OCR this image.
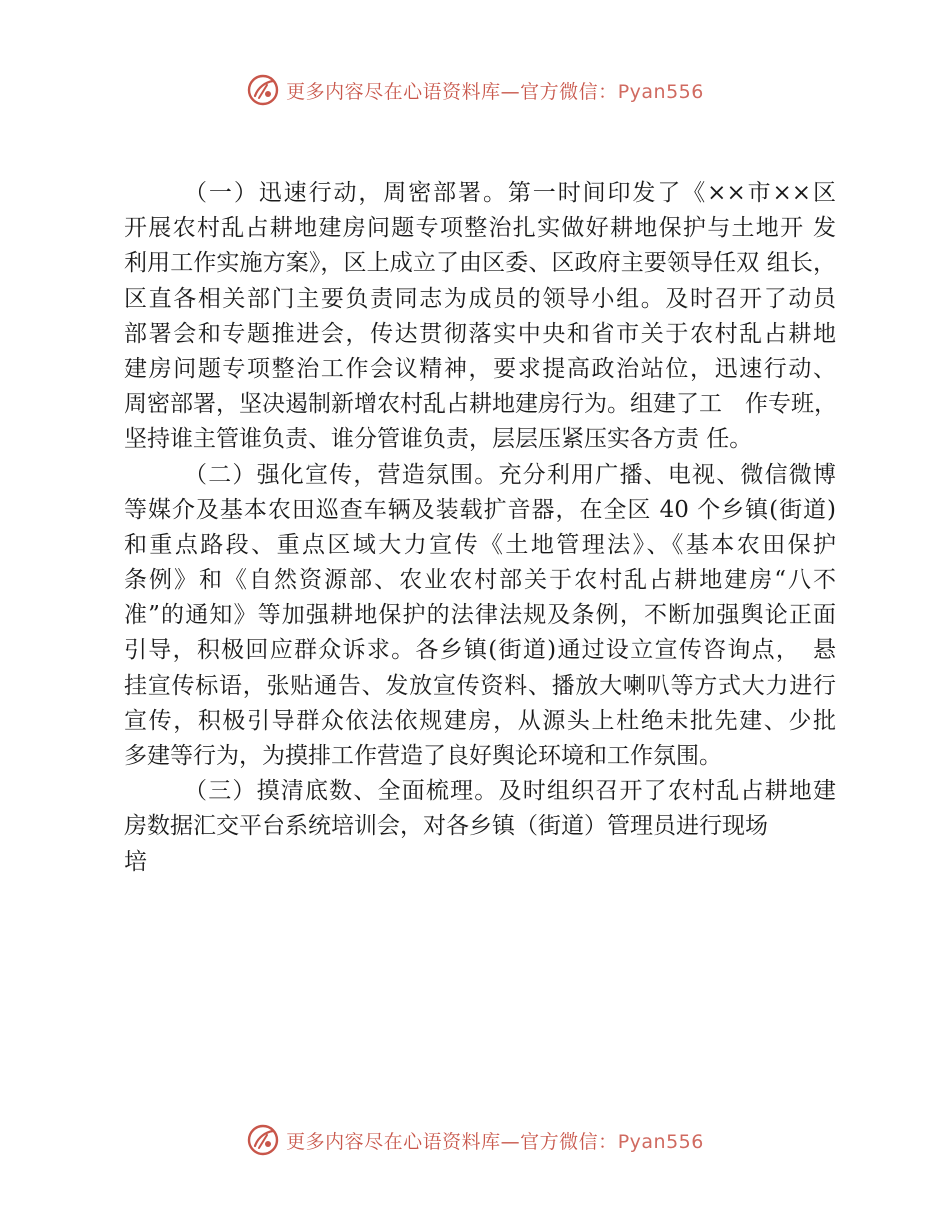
更多内容尽在心语资料库—官方微信：Pyan556
（一）迅速行动，周密部署。第一时间印发了《××市××区
开展农村乱占耕地建房问题专项整治扎实做好耕地保护与土地开 发
利用工作实施方案》，区上成立了由区委、区政府主要领导任双 组长，
区直各相关部门主要负责同志为成员的领导小组。及时召开了动员
部署会和专题推进会，传达贯彻落实中央和省市关于农村乱占耕地
建房问题专项整治工作会议精神，要求提高政治站位，迅速行动、
周密部署，坚决遏制新增农村乱占耕地建房行为。组建了工　作专班，
坚持谁主管谁负责、谁分管谁负责，层层压紧压实各方责 任。
（二）强化宣传，营造氛围。充分利用广播、电视、微信微博
等媒介及基本农田巡查车辆及装载扩音器，在全区 40 个乡镇(街道)
和重点路段、重点区域大力宣传《土地管理法》、《基本农田保护
条例》和《自然资源部、农业农村部关于农村乱占耕地建房“八不
准”的通知》等加强耕地保护的法律法规及条例，不断加强舆论正面
引导，积极回应群众诉求。各乡镇(街道)通过设立宣传咨询点，　悬
挂宣传标语，张贴通告、发放宣传资料、播放大喇叭等方式大力进行
宣传，积极引导群众依法依规建房，从源头上杜绝未批先建、少批
多建等行为，为摸排工作营造了良好舆论环境和工作氛围。
（三）摸清底数、全面梳理。及时组织召开了农村乱占耕地建
房数据汇交平台系统培训会，对各乡镇（街道）管理员进行现场
培
更多内容尽在心语资料库—官方微信：Pyan556
